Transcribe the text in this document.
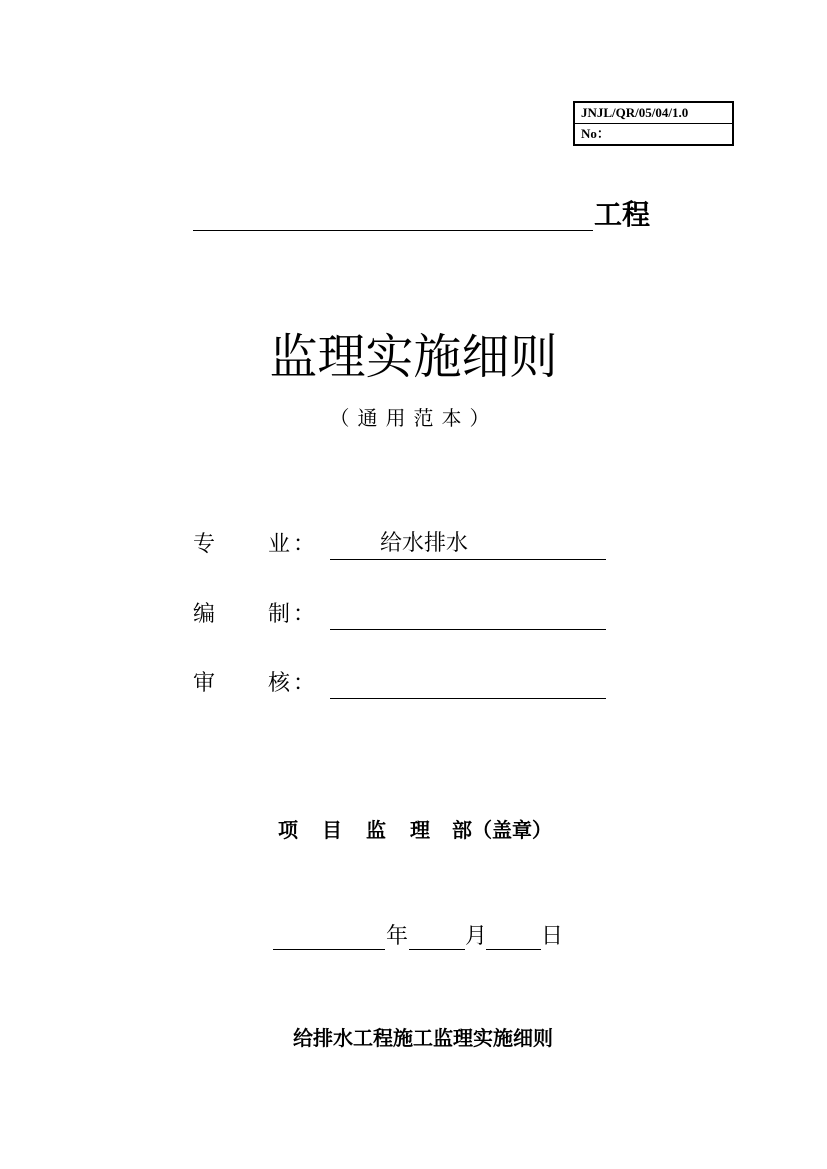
JNJL/QR/05/04/1.0
No：
工程
监理实施细则
（通用范本）
专 业 ：	给水排水
编 制 ：
审 核 ：
项 目 监 理 部（盖章）
年	月 日
给排水工程施工监理实施细则
